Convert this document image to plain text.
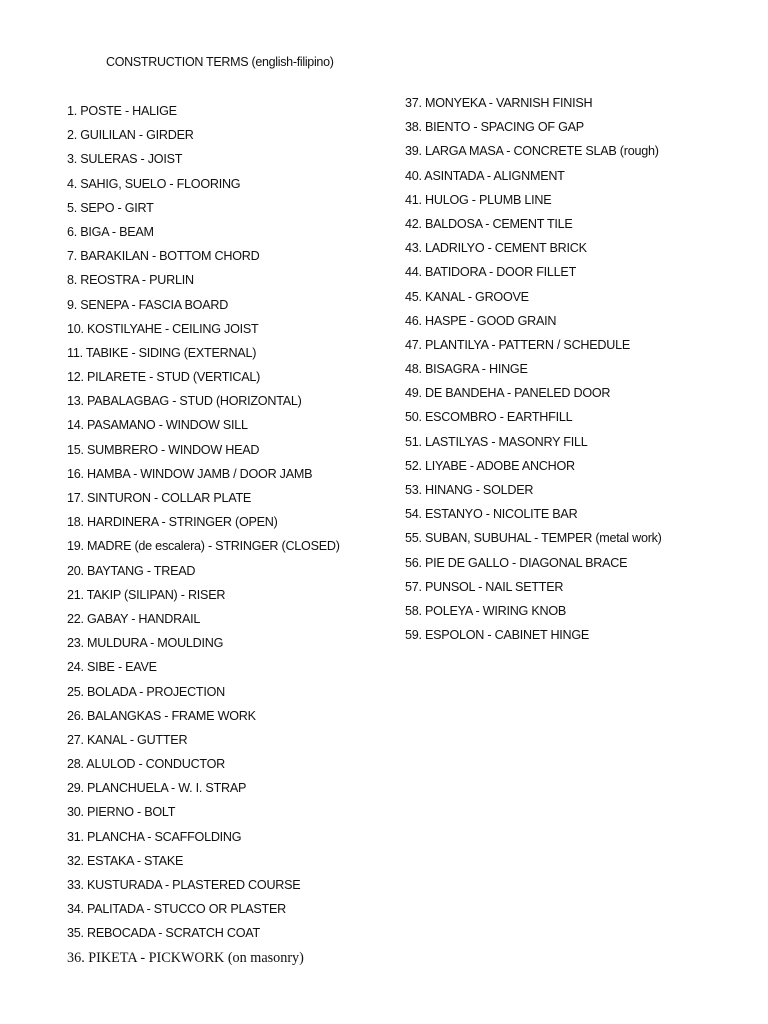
CONSTRUCTION TERMS (english-filipino)
1. POSTE - HALIGE
2. GUILILAN - GIRDER
3. SULERAS - JOIST
4. SAHIG, SUELO - FLOORING
5. SEPO - GIRT
6. BIGA - BEAM
7. BARAKILAN - BOTTOM CHORD
8. REOSTRA - PURLIN
9. SENEPA - FASCIA BOARD
10. KOSTILYAHE - CEILING JOIST
11. TABIKE - SIDING (EXTERNAL)
12. PILARETE - STUD (VERTICAL)
13. PABALAGBAG - STUD (HORIZONTAL)
14. PASAMANO - WINDOW SILL
15. SUMBRERO - WINDOW HEAD
16. HAMBA - WINDOW JAMB / DOOR JAMB
17. SINTURON - COLLAR PLATE
18. HARDINERA - STRINGER (OPEN)
19. MADRE (de escalera) - STRINGER (CLOSED)
20. BAYTANG - TREAD
21. TAKIP (SILIPAN) - RISER
22. GABAY - HANDRAIL
23. MULDURA - MOULDING
24. SIBE - EAVE
25. BOLADA - PROJECTION
26. BALANGKAS - FRAME WORK
27. KANAL - GUTTER
28. ALULOD - CONDUCTOR
29. PLANCHUELA - W. I. STRAP
30. PIERNO - BOLT
31. PLANCHA - SCAFFOLDING
32. ESTAKA - STAKE
33. KUSTURADA - PLASTERED COURSE
34. PALITADA - STUCCO OR PLASTER
35. REBOCADA - SCRATCH COAT
36. PIKETA - PICKWORK (on masonry)
37. MONYEKA - VARNISH FINISH
38. BIENTO - SPACING OF GAP
39. LARGA MASA - CONCRETE SLAB (rough)
40. ASINTADA - ALIGNMENT
41. HULOG - PLUMB LINE
42. BALDOSA - CEMENT TILE
43. LADRILYO - CEMENT BRICK
44. BATIDORA - DOOR FILLET
45. KANAL - GROOVE
46. HASPE - GOOD GRAIN
47. PLANTILYA - PATTERN / SCHEDULE
48. BISAGRA - HINGE
49. DE BANDEHA - PANELED DOOR
50. ESCOMBRO - EARTHFILL
51. LASTILYAS - MASONRY FILL
52. LIYABE - ADOBE ANCHOR
53. HINANG - SOLDER
54. ESTANYO - NICOLITE BAR
55. SUBAN, SUBUHAL - TEMPER (metal work)
56. PIE DE GALLO - DIAGONAL BRACE
57. PUNSOL - NAIL SETTER
58. POLEYA - WIRING KNOB
59. ESPOLON - CABINET HINGE
